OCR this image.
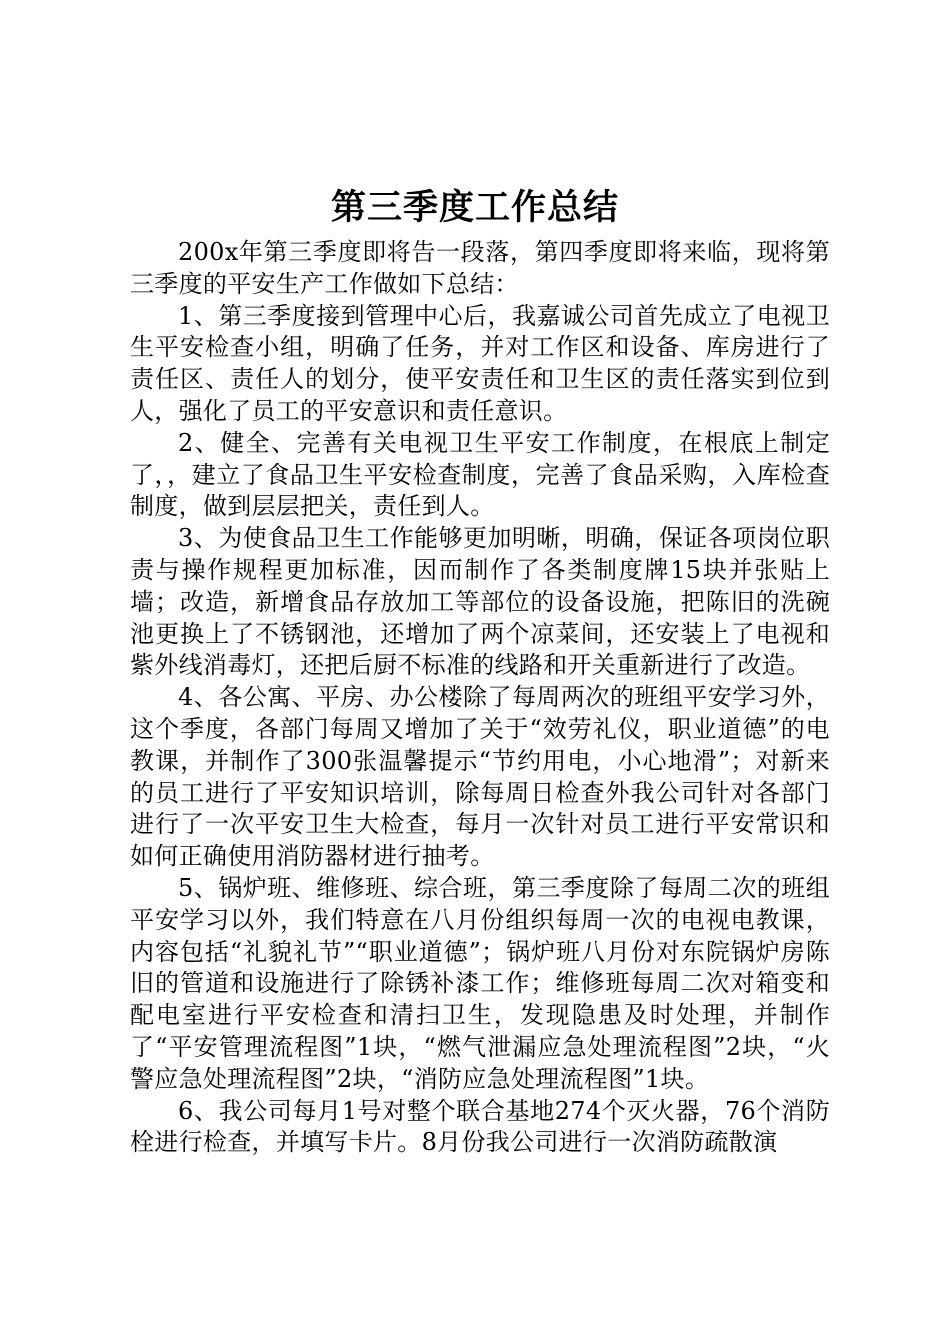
第三季度工作总结

200x年第三季度即将告一段落，第四季度即将来临，现将第三季度的平安生产工作做如下总结：

1、第三季度接到管理中心后，我嘉诚公司首先成立了电视卫生平安检查小组，明确了任务，并对工作区和设备、库房进行了责任区、责任人的划分，使平安责任和卫生区的责任落实到位到人，强化了员工的平安意识和责任意识。

2、健全、完善有关电视卫生平安工作制度，在根底上制定了，，建立了食品卫生平安检查制度，完善了食品采购，入库检查制度，做到层层把关，责任到人。

3、为使食品卫生工作能够更加明晰，明确，保证各项岗位职责与操作规程更加标准，因而制作了各类制度牌15块并张贴上墙；改造，新增食品存放加工等部位的设备设施，把陈旧的洗碗池更换上了不锈钢池，还增加了两个凉菜间，还安装上了电视和紫外线消毒灯，还把后厨不标准的线路和开关重新进行了改造。

4、各公寓、平房、办公楼除了每周两次的班组平安学习外，这个季度，各部门每周又增加了关于“效劳礼仪，职业道德”的电教课，并制作了300张温馨提示“节约用电，小心地滑”；对新来的员工进行了平安知识培训，除每周日检查外我公司针对各部门进行了一次平安卫生大检查，每月一次针对员工进行平安常识和如何正确使用消防器材进行抽考。

5、锅炉班、维修班、综合班，第三季度除了每周二次的班组平安学习以外，我们特意在八月份组织每周一次的电视电教课，内容包括“礼貌礼节”“职业道德”；锅炉班八月份对东院锅炉房陈旧的管道和设施进行了除锈补漆工作；维修班每周二次对箱变和配电室进行平安检查和清扫卫生，发现隐患及时处理，并制作了“平安管理流程图”1块，“燃气泄漏应急处理流程图”2块，“火警应急处理流程图”2块，“消防应急处理流程图”1块。

6、我公司每月1号对整个联合基地274个灭火器，76个消防栓进行检查，并填写卡片。8月份我公司进行一次消防疏散演
